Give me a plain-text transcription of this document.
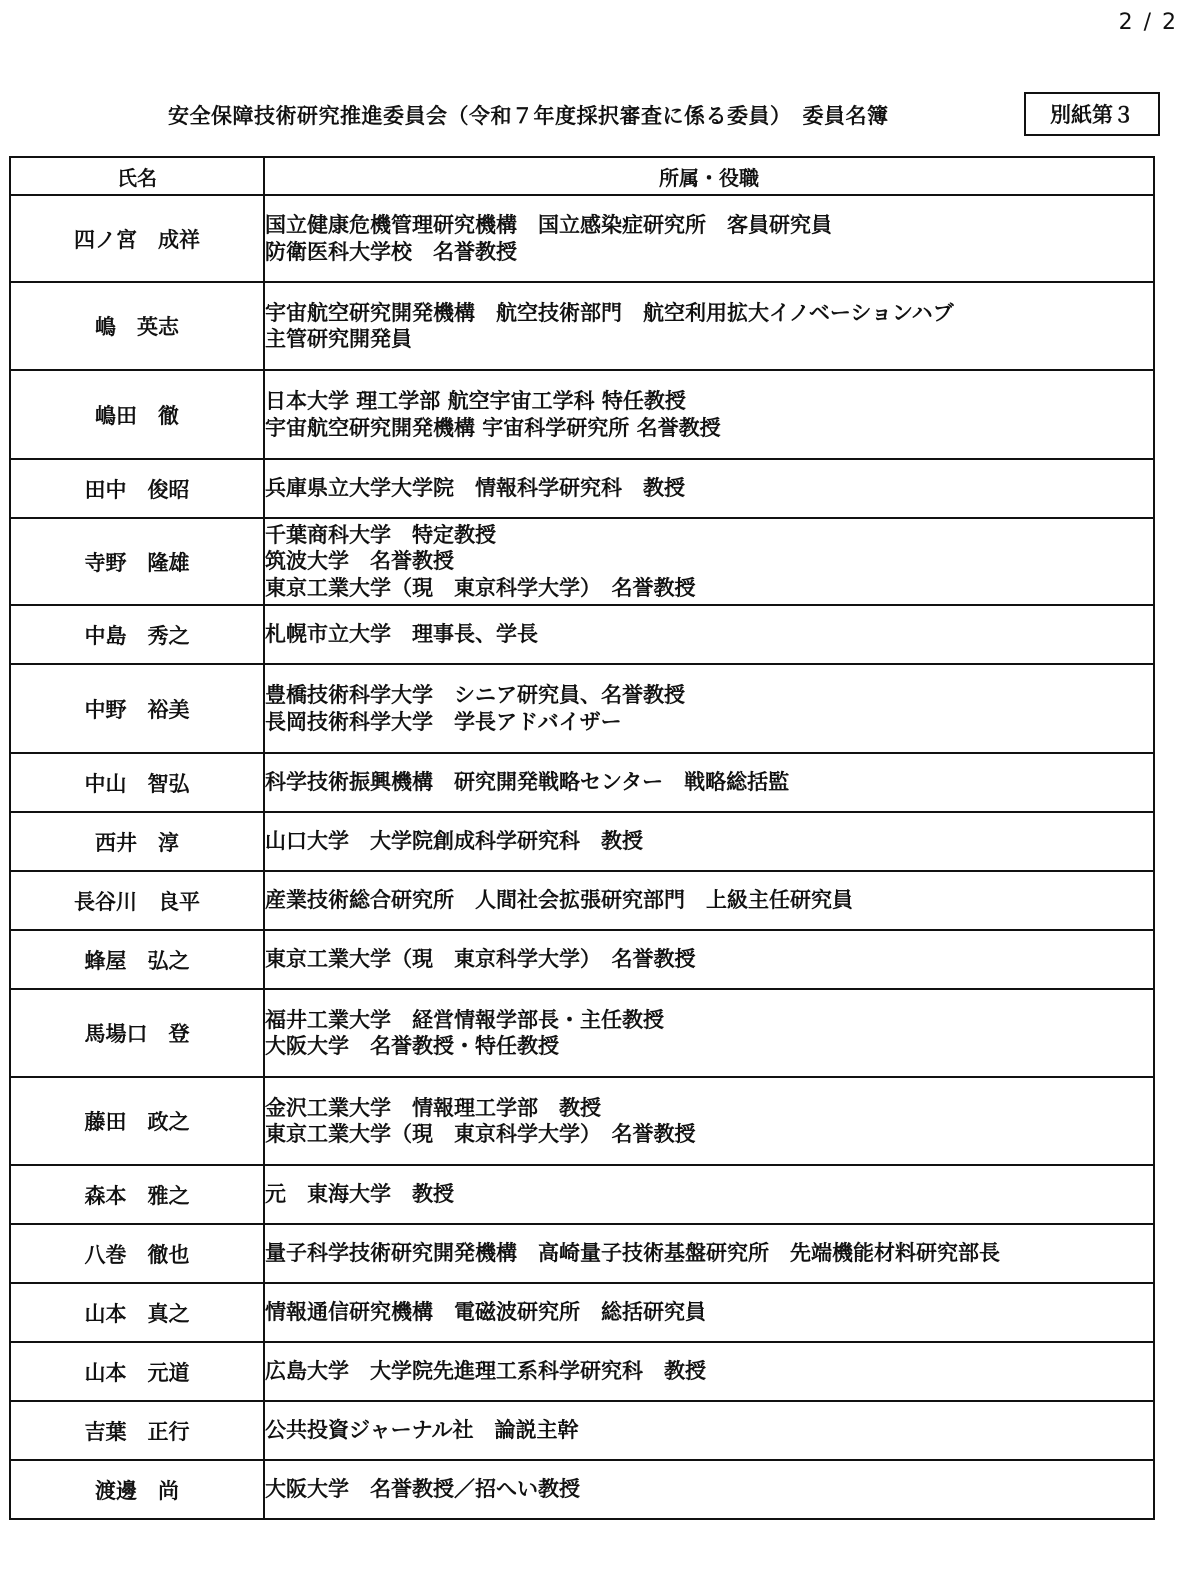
2 / 2
安全保障技術研究推進委員会（令和７年度採択審査に係る委員）　委員名簿	別紙第３
氏名	所属・役職
四ノ宮　成祥	国立健康危機管理研究機構　国立感染症研究所　客員研究員
防衛医科大学校　名誉教授

嶋　英志	宇宙航空研究開発機構　航空技術部門　航空利用拡大イノベーションハブ
主管研究開発員

嶋田　徹	日本大学 理工学部 航空宇宙工学科 特任教授
宇宙航空研究開発機構 宇宙科学研究所 名誉教授

田中　俊昭	兵庫県立大学大学院　情報科学研究科　教授

寺野　隆雄	千葉商科大学　特定教授
筑波大学　名誉教授
東京工業大学（現　東京科学大学）　名誉教授

中島　秀之	札幌市立大学　理事長、学長

中野　裕美	豊橋技術科学大学　シニア研究員、名誉教授
長岡技術科学大学　学長アドバイザー

中山　智弘	科学技術振興機構　研究開発戦略センター　戦略総括監

西井　淳	山口大学　大学院創成科学研究科　教授

長谷川　良平	産業技術総合研究所　人間社会拡張研究部門　上級主任研究員

蜂屋　弘之	東京工業大学（現　東京科学大学）　名誉教授

馬場口　登	福井工業大学　経営情報学部長・主任教授
大阪大学　名誉教授・特任教授

藤田　政之	金沢工業大学　情報理工学部　教授
東京工業大学（現　東京科学大学）　名誉教授

森本　雅之	元　東海大学　教授

八巻　徹也	量子科学技術研究開発機構　高崎量子技術基盤研究所　先端機能材料研究部長

山本　真之	情報通信研究機構　電磁波研究所　総括研究員

山本　元道	広島大学　大学院先進理工系科学研究科　教授

吉葉　正行	公共投資ジャーナル社　論説主幹

渡邊　尚	大阪大学　名誉教授／招へい教授
